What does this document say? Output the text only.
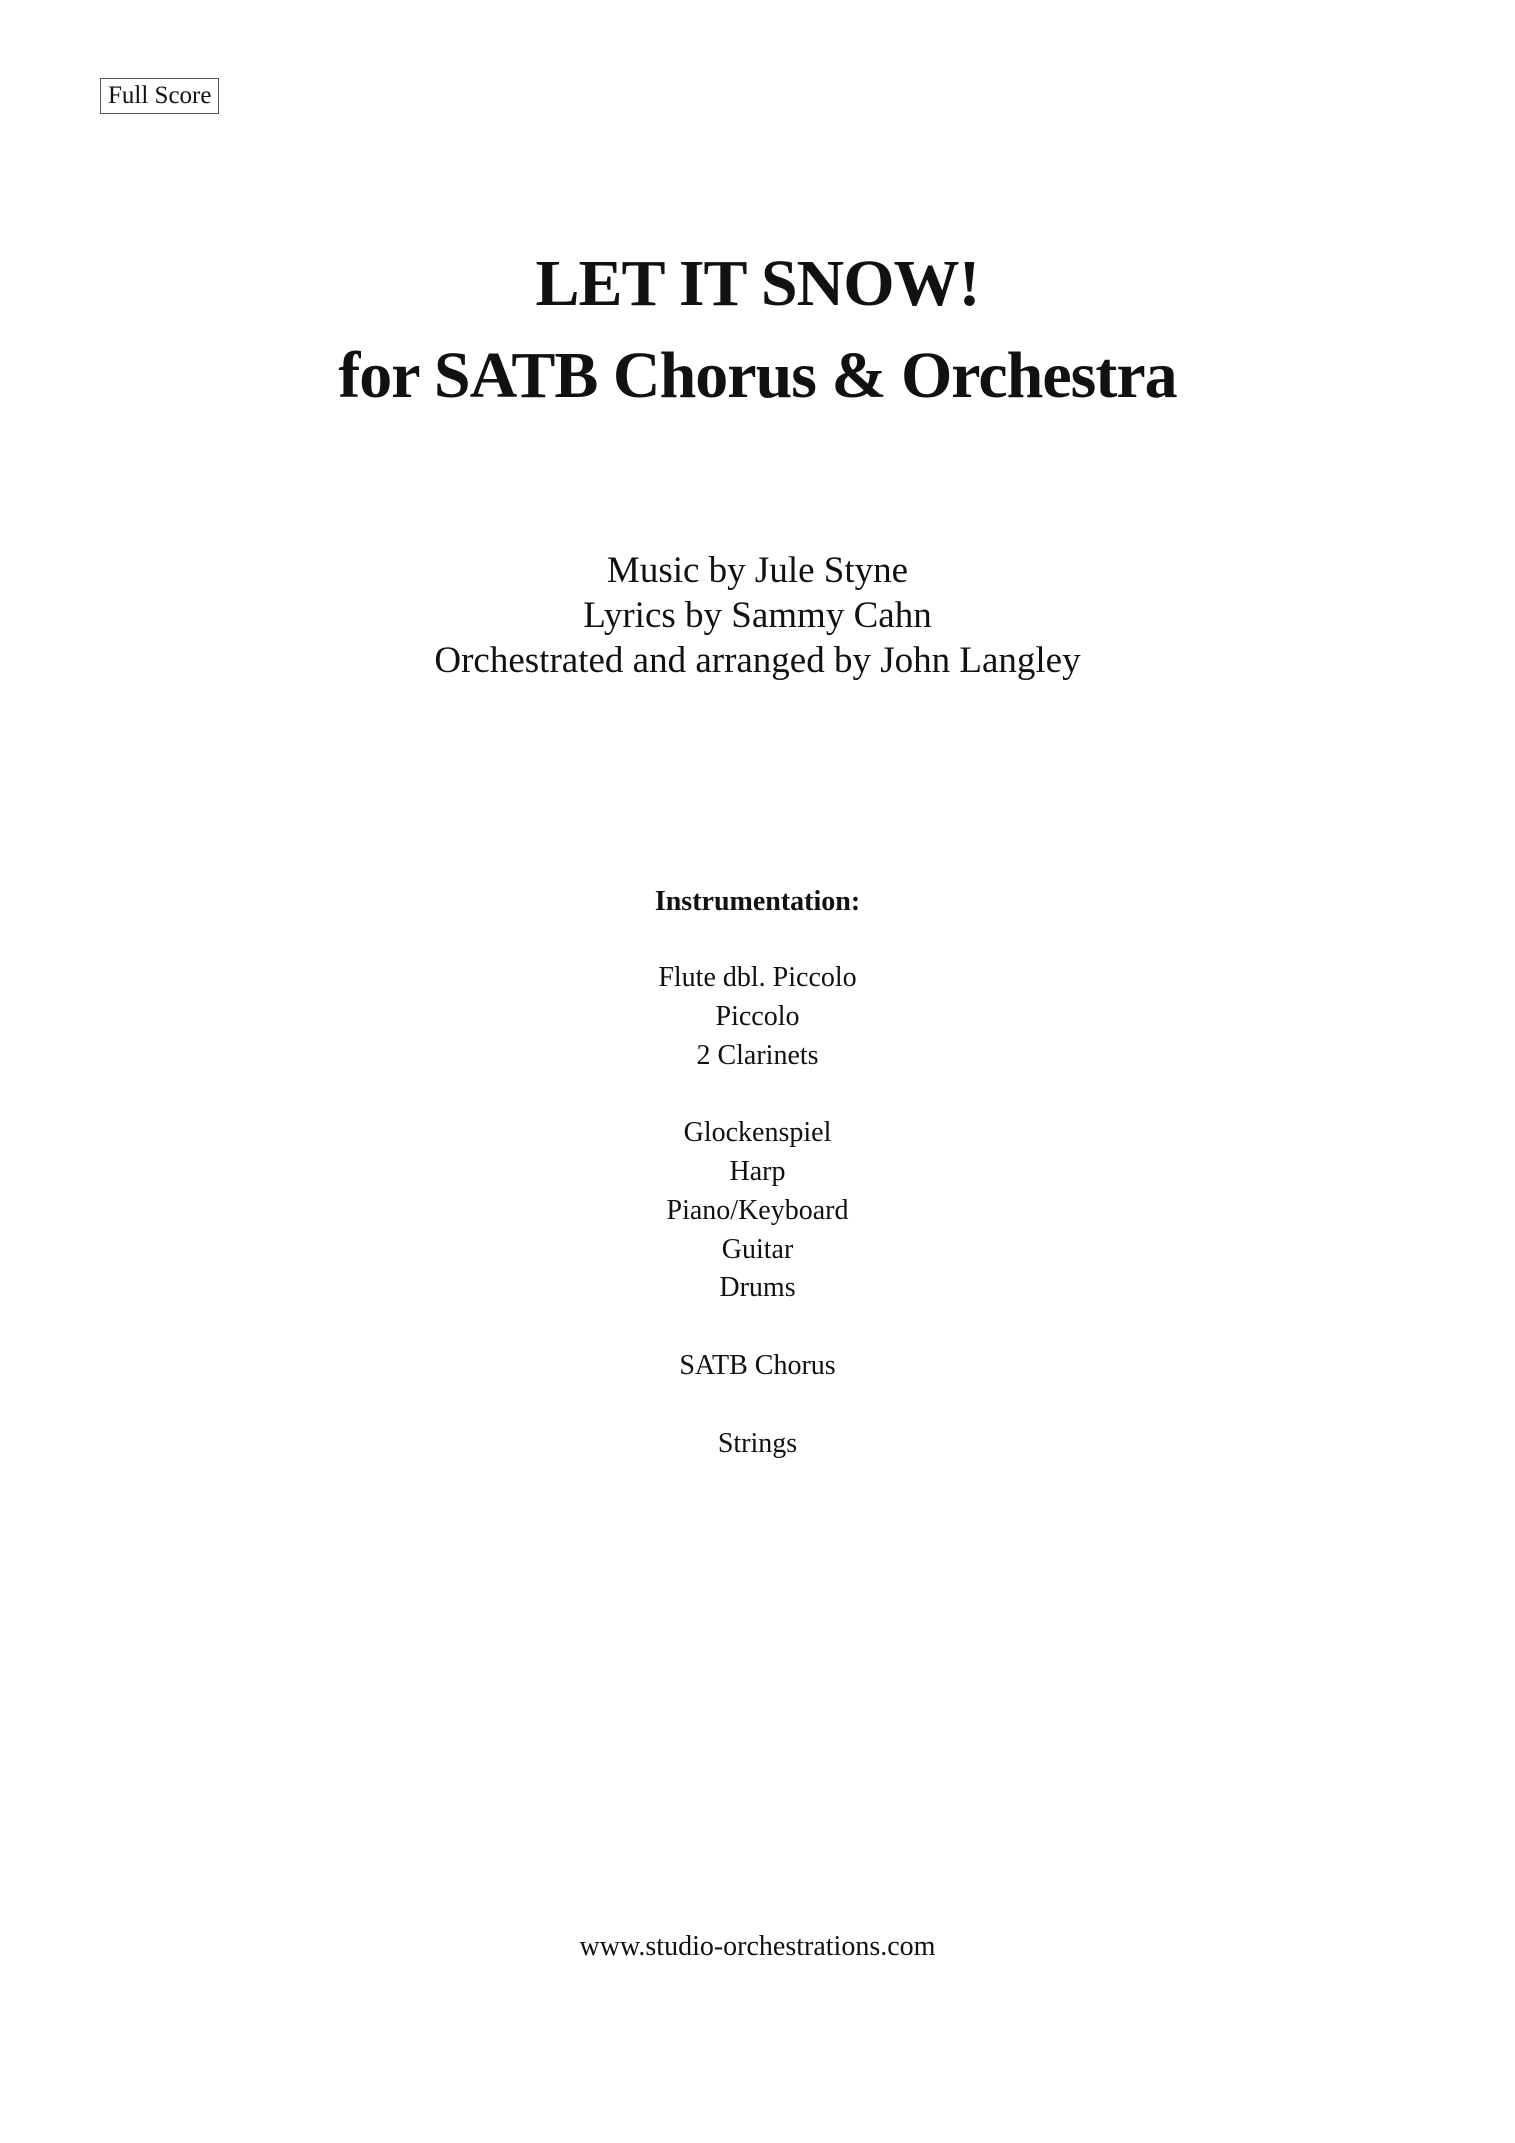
Full Score
LET IT SNOW!
for SATB Chorus & Orchestra
Music by Jule Styne
Lyrics by Sammy Cahn
Orchestrated and arranged by John Langley
Instrumentation:
Flute dbl. Piccolo
Piccolo
2 Clarinets
Glockenspiel
Harp
Piano/Keyboard
Guitar
Drums
SATB Chorus
Strings
www.studio-orchestrations.com
